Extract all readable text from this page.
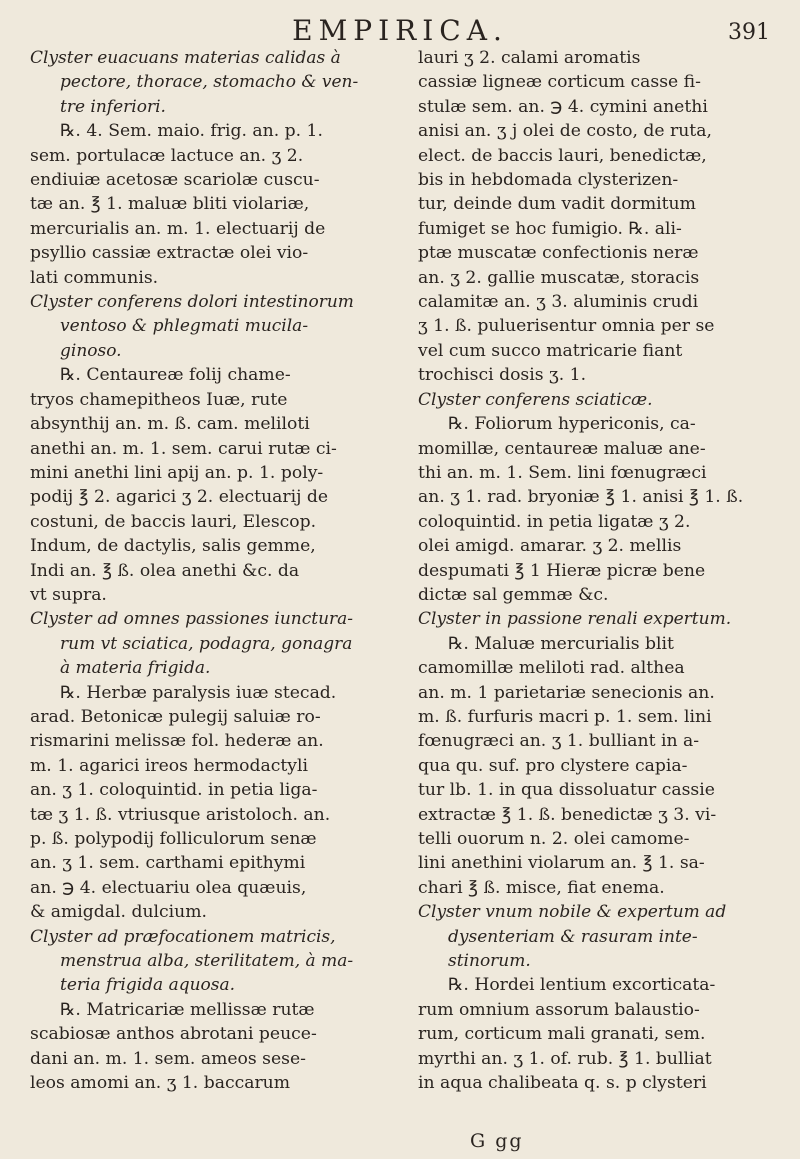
EMPIRICA.	391

Clyster euacuans materias calidas à
pectore, thorace, stomacho & ven-
tre inferiori.

℞. 4. Sem. maio. frig. an. p. 1.
sem. portulacæ lactuce an. ʒ 2.
endiuiæ acetosæ scariolæ cuscu-
tæ an. ℥ 1. maluæ bliti violariæ,
mercurialis an. m. 1. electuarij de
psyllio cassiæ extractæ olei vio-
lati communis.

Clyster conferens dolori intestinorum
ventoso & phlegmati mucila-
ginoso.

℞. Centaureæ folij chame-
tryos chamepitheos Iuæ, rute
absynthij an. m. ß. cam. meliloti
anethi an. m. 1. sem. carui rutæ ci-
mini anethi lini apij an. p. 1. poly-
podij ℥ 2. agarici ʒ 2. electuarij de
costuni, de baccis lauri, Elescop.
Indum, de dactylis, salis gemme,
Indi an. ℥ ß. olea anethi &c. da
vt supra.

Clyster ad omnes passiones iunctura-
rum vt sciatica, podagra, gonagra
à materia frigida.

℞. Herbæ paralysis iuæ stecad.
arad. Betonicæ pulegij saluiæ ro-
rismarini melissæ fol. hederæ an.
m. 1. agarici ireos hermodactyli
an. ʒ 1. coloquintid. in petia liga-
tæ ʒ 1. ß. vtriusque aristoloch. an.
p. ß. polypodij folliculorum senæ
an. ʒ 1. sem. carthami epithymi
an. ℈ 4. electuariu olea quæuis,
& amigdal. dulcium.

Clyster ad præfocationem matricis,
menstrua alba, sterilitatem, à ma-
teria frigida aquosa.

℞. Matricariæ mellissæ rutæ
scabiosæ anthos abrotani peuce-
dani an. m. 1. sem. ameos sese-
leos amomi an. ʒ 1. baccarum

lauri ʒ 2. calami aromatis
cassiæ ligneæ corticum casse fi-
stulæ sem. an. ℈ 4. cymini anethi
anisi an. ʒ j olei de costo, de ruta,
elect. de baccis lauri, benedictæ,
bis in hebdomada clysterizen-
tur, deinde dum vadit dormitum
fumiget se hoc fumigio. ℞. ali-
ptæ muscatæ confectionis neræ
an. ʒ 2. gallie muscatæ, storacis
calamitæ an. ʒ 3. aluminis crudi
ʒ 1. ß. puluerisentur omnia per se
vel cum succo matricarie fiant
trochisci dosis ʒ. 1.

Clyster conferens sciaticæ.

℞. Foliorum hypericonis, ca-
momillæ, centaureæ maluæ ane-
thi an. m. 1. Sem. lini fœnugræci
an. ʒ 1. rad. bryoniæ ℥ 1. anisi ℥ 1. ß.
coloquintid. in petia ligatæ ʒ 2.
olei amigd. amarar. ʒ 2. mellis
despumati ℥ 1 Hieræ picræ bene
dictæ sal gemmæ &c.

Clyster in passione renali expertum.

℞. Maluæ mercurialis blit
camomillæ meliloti rad. althea
an. m. 1 parietariæ senecionis an.
m. ß. furfuris macri p. 1. sem. lini
fœnugræci an. ʒ 1. bulliant in a-
qua qu. suf. pro clystere capia-
tur lb. 1. in qua dissoluatur cassie
extractæ ℥ 1. ß. benedictæ ʒ 3. vi-
telli ouorum n. 2. olei camome-
lini anethini violarum an. ℥ 1. sa-
chari ℥ ß. misce, fiat enema.

Clyster vnum nobile & expertum ad
dysenteriam & rasuram inte-
stinorum.

℞. Hordei lentium excorticata-
rum omnium assorum balaustio-
rum, corticum mali granati, sem.
myrthi an. ʒ 1. of. rub. ℥ 1. bulliat
in aqua chalibeata q. s. p clysteri

G gg
